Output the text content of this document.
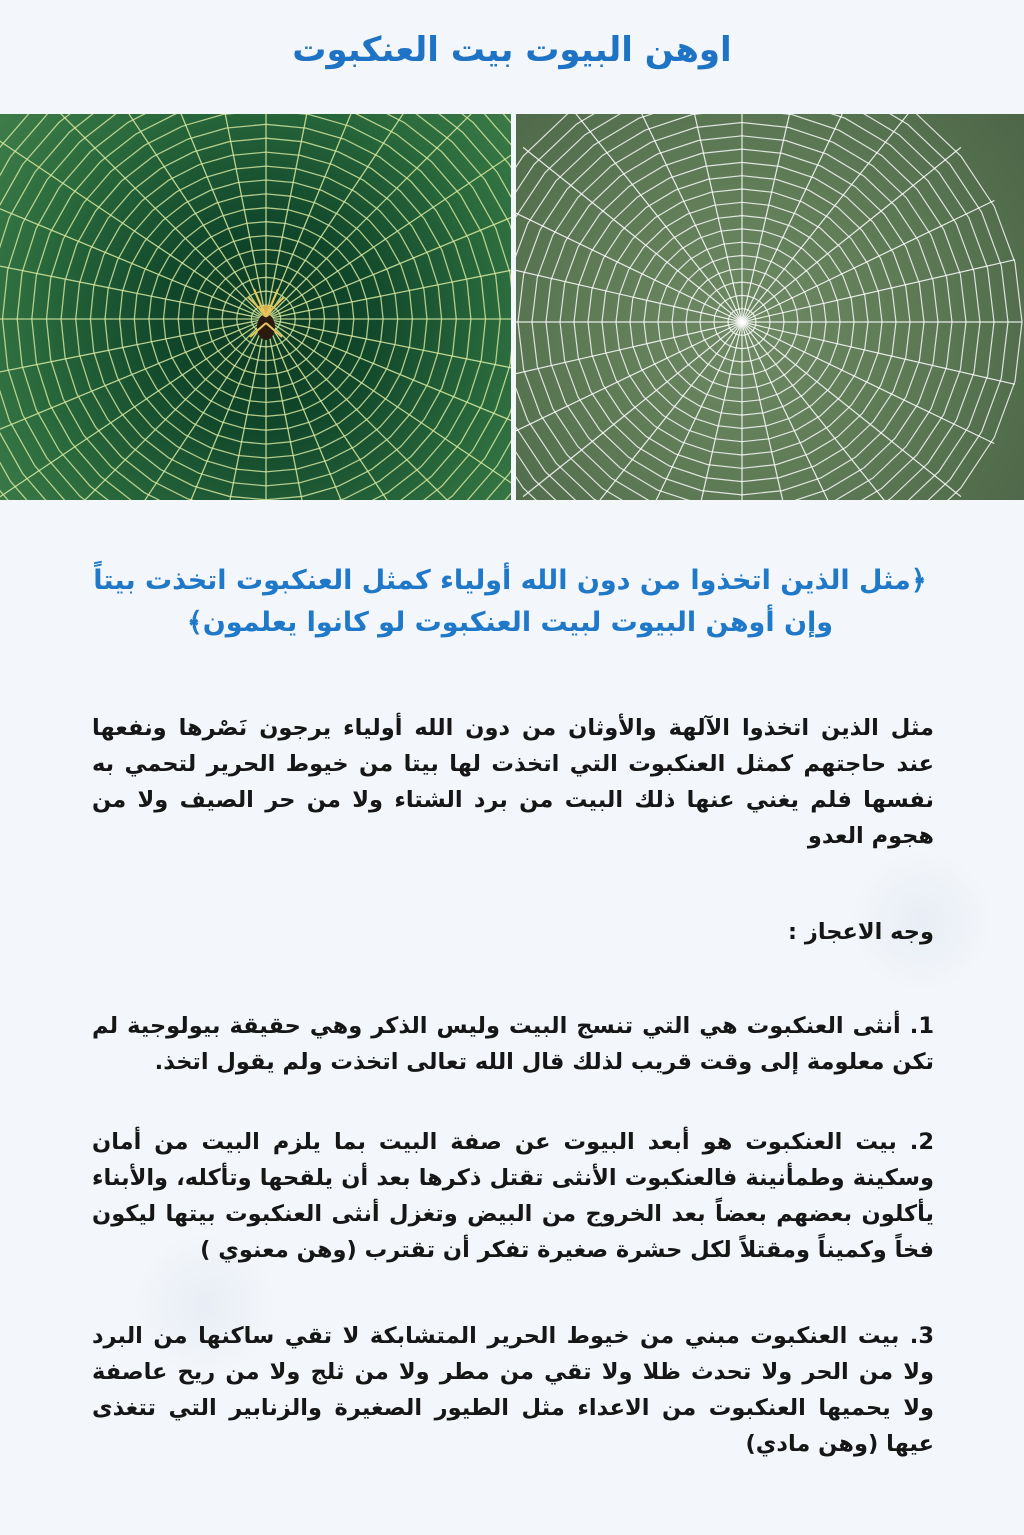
اوهن البيوت بيت العنكبوت
﴿مثل الذين اتخذوا من دون الله أولياء كمثل العنكبوت اتخذت بيتاً وإن أوهن البيوت لبيت العنكبوت لو كانوا يعلمون﴾
مثل الذين اتخذوا الآلهة والأوثان من دون الله أولياء يرجون نَصْرها ونفعها عند حاجتهم كمثل العنكبوت التي اتخذت لها بيتا من خيوط الحرير لتحمي به نفسها فلم يغني عنها ذلك البيت من برد الشتاء ولا من حر الصيف ولا من هجوم العدو
وجه الاعجاز :
1. أنثى العنكبوت هي التي تنسج البيت وليس الذكر وهي حقيقة بيولوجية لم تكن معلومة إلى وقت قريب لذلك قال الله تعالى اتخذت ولم يقول اتخذ.
2. بيت العنكبوت هو أبعد البيوت عن صفة البيت بما يلزم البيت من أمان وسكينة وطمأنينة فالعنكبوت الأنثى تقتل ذكرها بعد أن يلقحها وتأكله، والأبناء يأكلون بعضهم بعضاً بعد الخروج من البيض وتغزل أنثى العنكبوت بيتها ليكون فخاً وكميناً ومقتلاً لكل حشرة صغيرة تفكر أن تقترب (وهن معنوي )
3. بيت العنكبوت مبني من خيوط الحرير المتشابكة لا تقي ساكنها من البرد ولا من الحر ولا تحدث ظلا ولا تقي من مطر ولا من ثلج ولا من ريح عاصفة ولا يحميها العنكبوت من الاعداء مثل الطيور الصغيرة والزنابير التي تتغذى عيها (وهن مادي)
